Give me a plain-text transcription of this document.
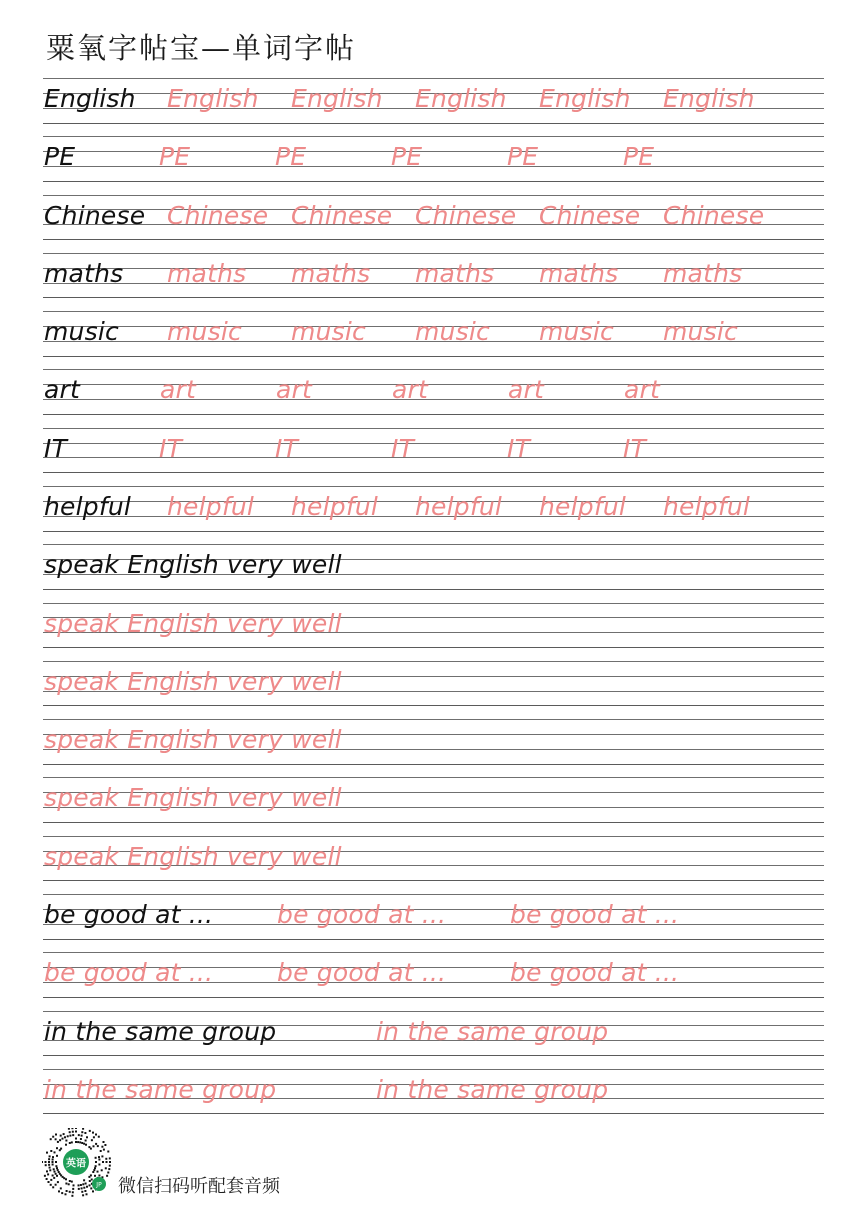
粟氧字帖宝—单词字帖
English English English English English English
PE	PE	PE	PE	PE	PE
Chinese Chinese Chinese Chinese Chinese Chinese
maths maths maths maths maths maths
music music music music music music
art	art	art	art	art	art
IT	IT	IT	IT	IT	IT
helpful helpful helpful helpful helpful helpful
speak English very well
speak English very well
speak English very well
speak English very well
speak English very well
speak English very well
be good at ...	be good at ...	be good at ...
be good at ...	be good at ...	be good at ...
in the same group	in the same group
in the same group	in the same group
英语
JP 微信扫码听配套音频
